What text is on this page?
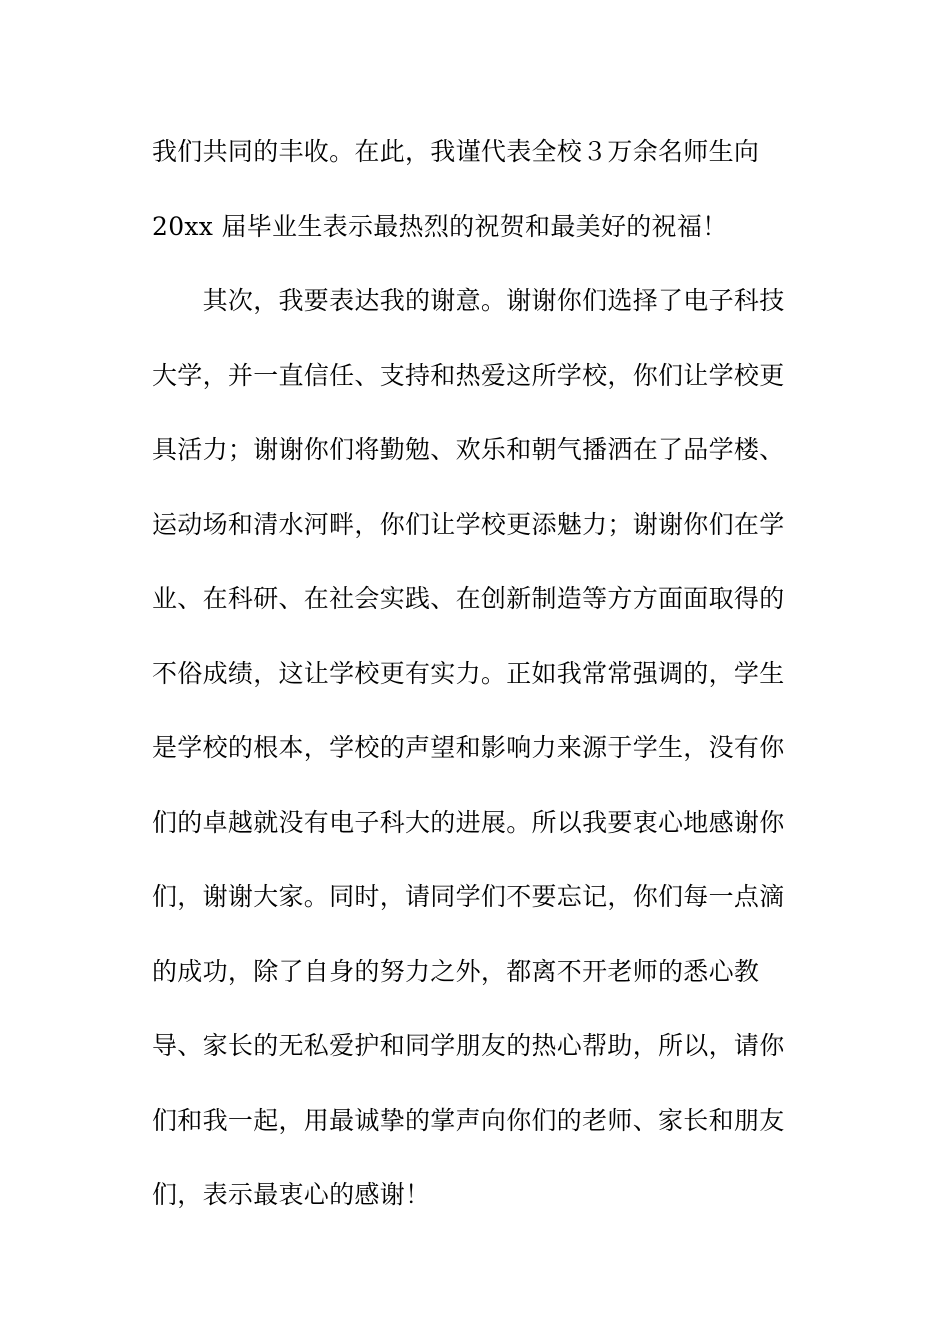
我们共同的丰收。在此，我谨代表全校３万余名师生向
20xx 届毕业生表示最热烈的祝贺和最美好的祝福！
　　其次，我要表达我的谢意。谢谢你们选择了电子科技
大学，并一直信任、支持和热爱这所学校，你们让学校更
具活力；谢谢你们将勤勉、欢乐和朝气播洒在了品学楼、
运动场和清水河畔，你们让学校更添魅力；谢谢你们在学
业、在科研、在社会实践、在创新制造等方方面面取得的
不俗成绩，这让学校更有实力。正如我常常强调的，学生
是学校的根本，学校的声望和影响力来源于学生，没有你
们的卓越就没有电子科大的进展。所以我要衷心地感谢你
们，谢谢大家。同时，请同学们不要忘记，你们每一点滴
的成功，除了自身的努力之外，都离不开老师的悉心教
导、家长的无私爱护和同学朋友的热心帮助，所以，请你
们和我一起，用最诚挚的掌声向你们的老师、家长和朋友
们，表示最衷心的感谢！
